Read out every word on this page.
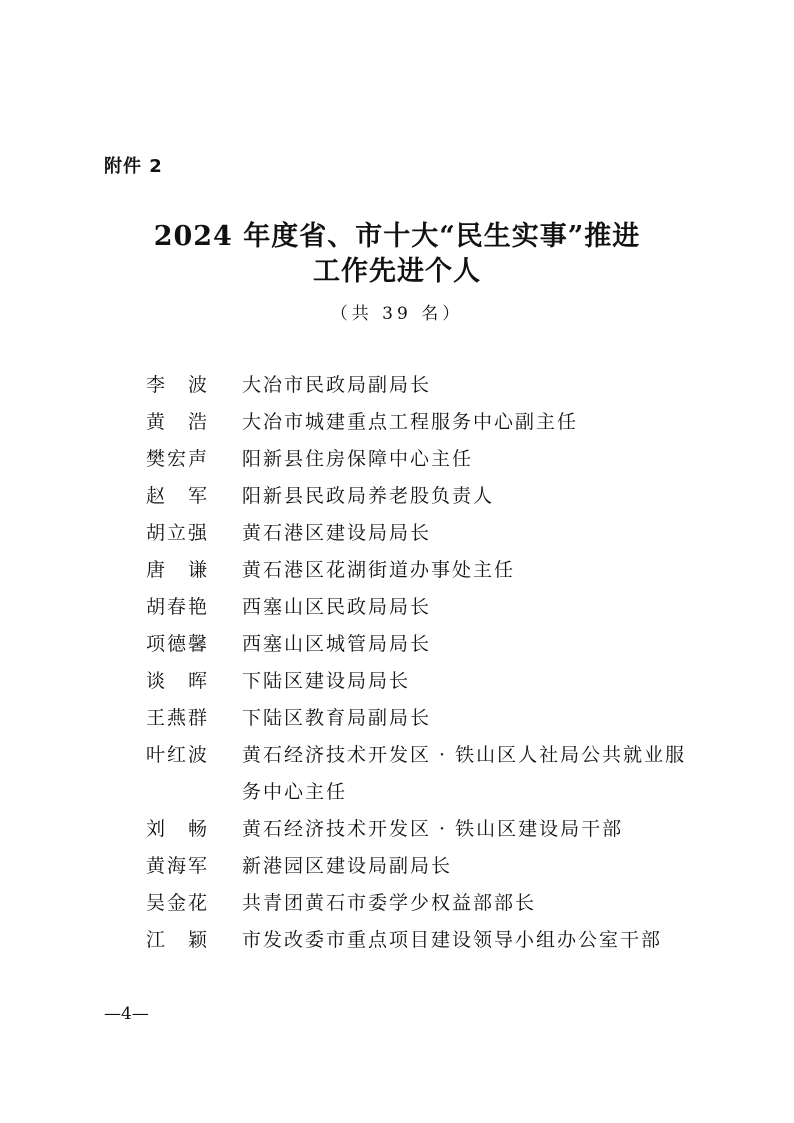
附件 2
2024 年度省、市十大“民生实事”推进
工作先进个人
（共 39 名）
李　波	大冶市民政局副局长
黄　浩	大冶市城建重点工程服务中心副主任
樊宏声	阳新县住房保障中心主任
赵　军	阳新县民政局养老股负责人
胡立强	黄石港区建设局局长
唐　谦	黄石港区花湖街道办事处主任
胡春艳	西塞山区民政局局长
项德馨	西塞山区城管局局长
谈　晖	下陆区建设局局长
王燕群	下陆区教育局副局长
叶红波	黄石经济技术开发区 · 铁山区人社局公共就业服务中心主任
刘　畅	黄石经济技术开发区 · 铁山区建设局干部
黄海军	新港园区建设局副局长
吴金花	共青团黄石市委学少权益部部长
江　颖	市发改委市重点项目建设领导小组办公室干部
—4—
